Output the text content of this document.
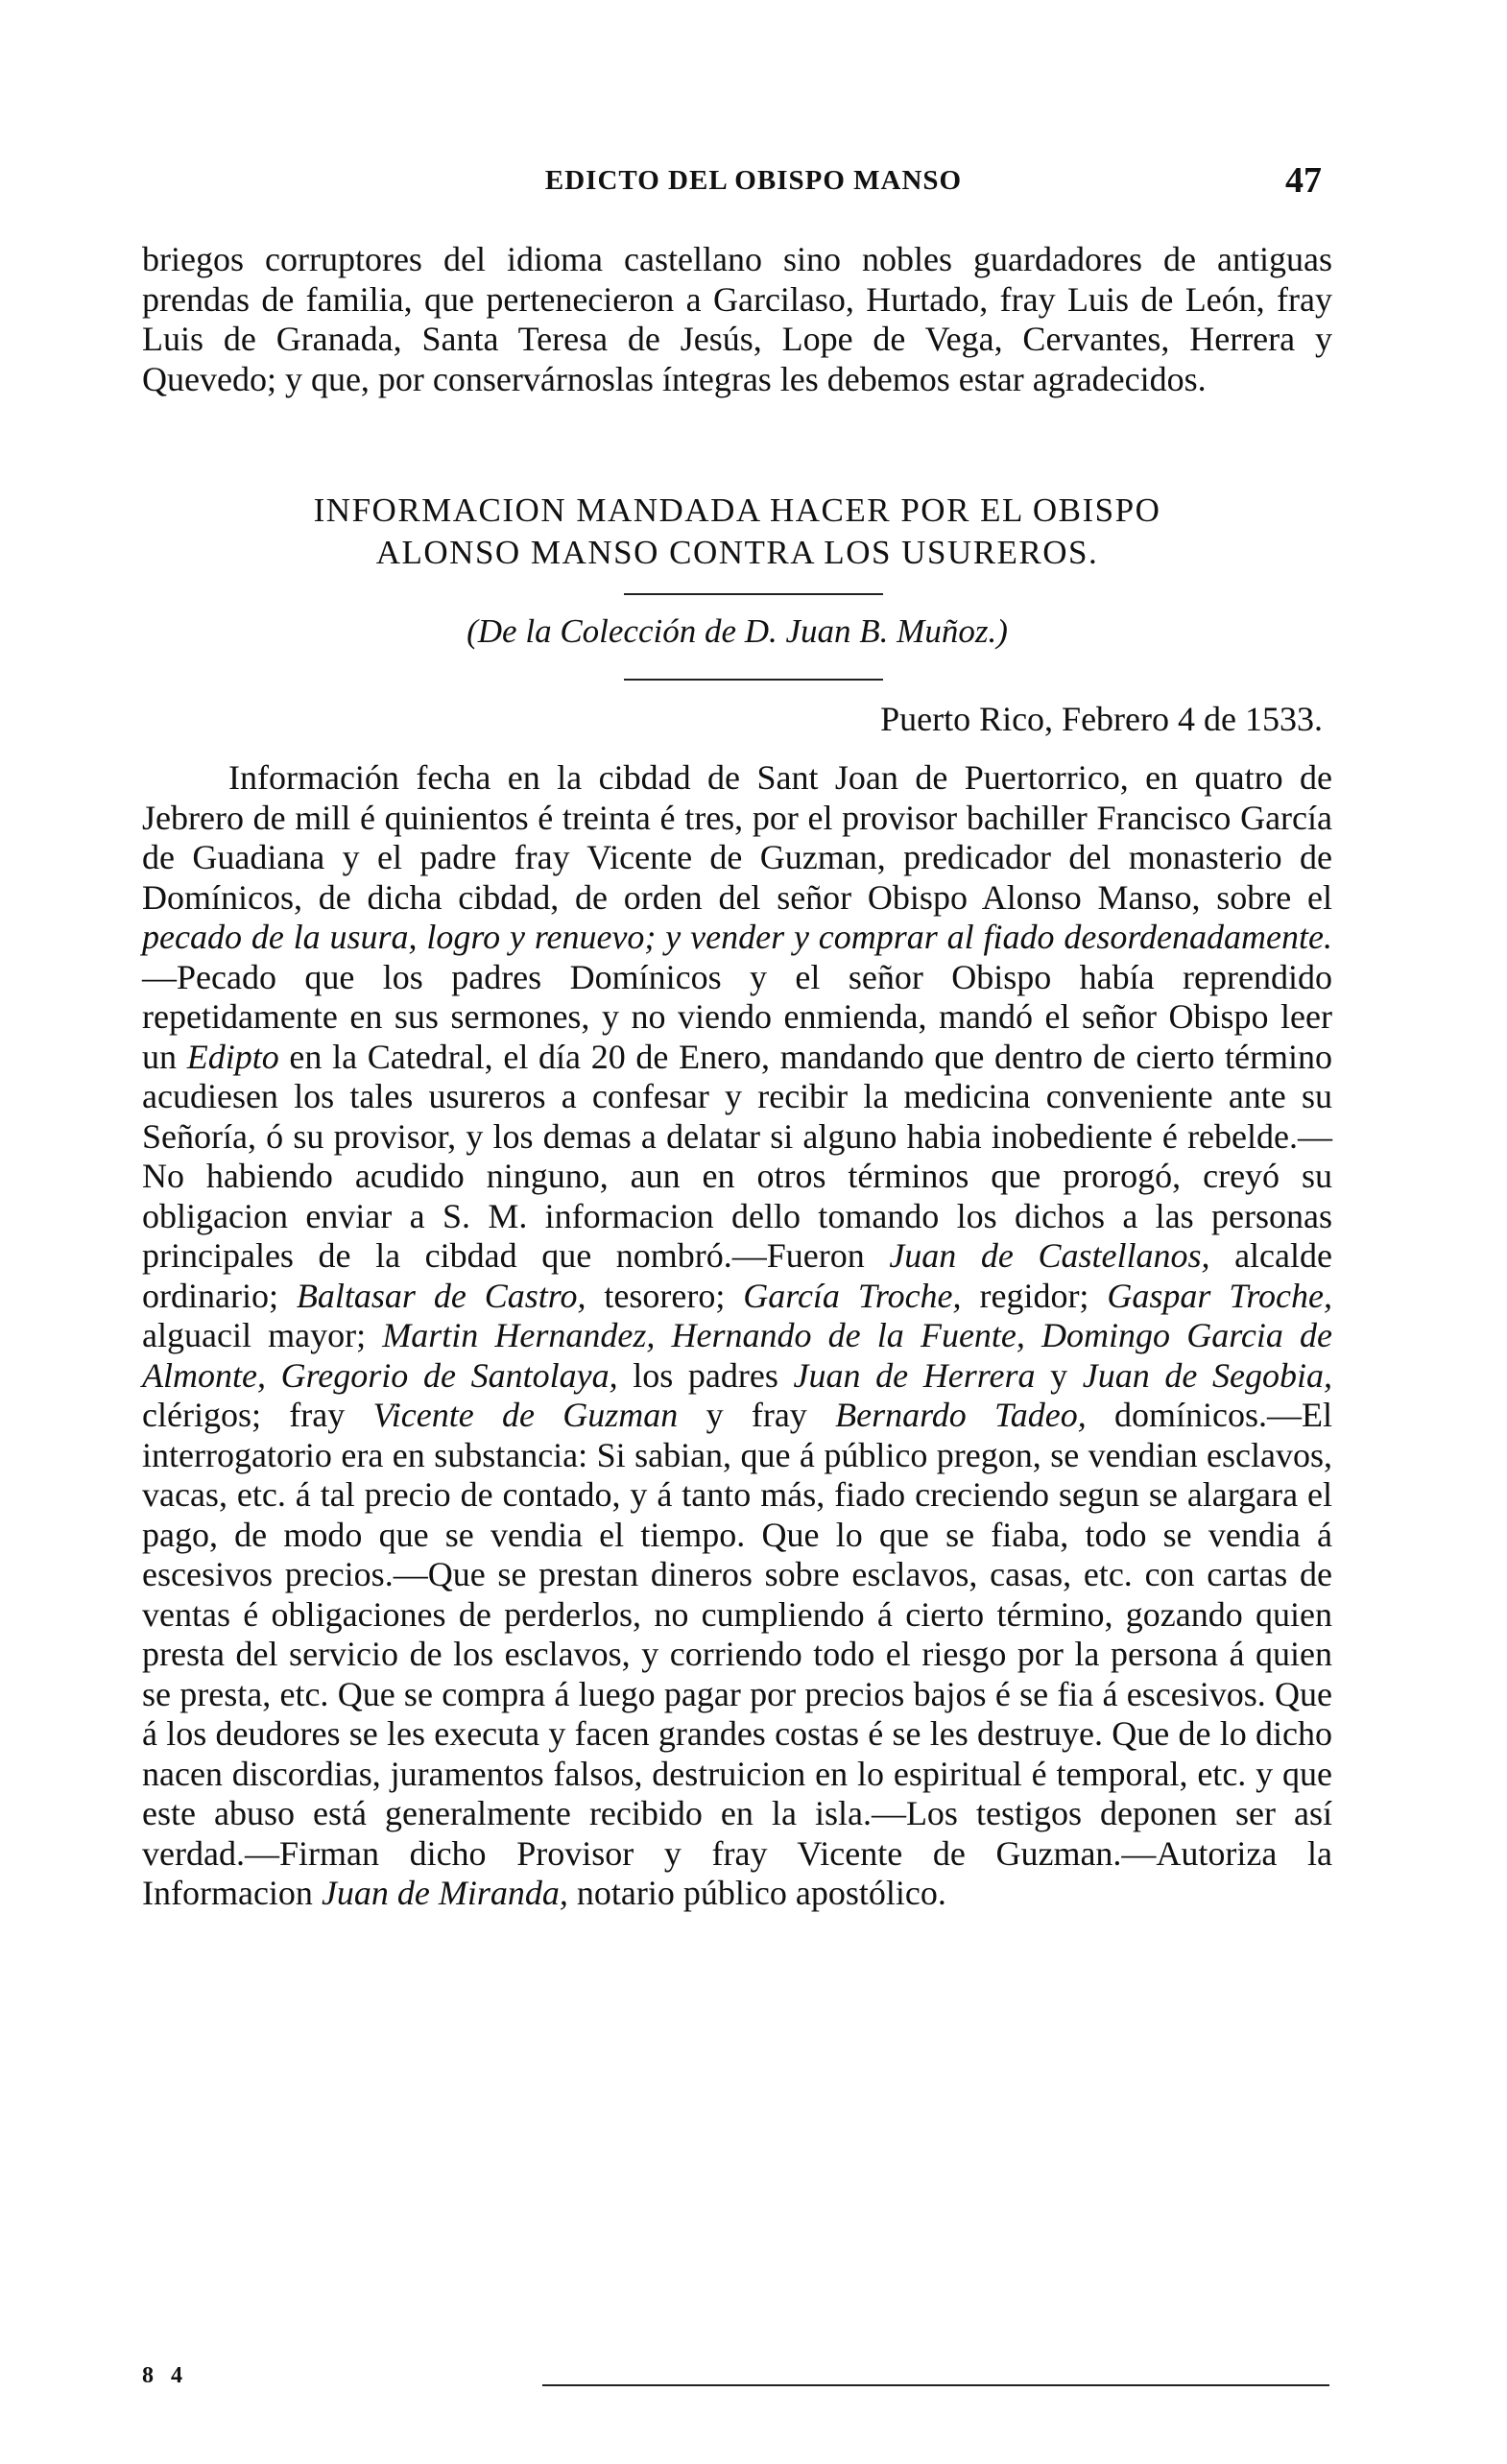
EDICTO DEL OBISPO MANSO	47
briegos corruptores del idioma castellano sino nobles guardadores de antiguas prendas de familia, que pertenecieron a Garcilaso, Hurtado, fray Luis de León, fray Luis de Granada, Santa Teresa de Jesús, Lope de Vega, Cervantes, Herrera y Quevedo; y que, por conservárnoslas íntegras les debemos estar agradecidos.
INFORMACION MANDADA HACER POR EL OBISPO
ALONSO MANSO CONTRA LOS USUREROS.
(De la Colección de D. Juan B. Muñoz.)
Puerto Rico, Febrero 4 de 1533.
Información fecha en la cibdad de Sant Joan de Puertorrico, en quatro de Jebrero de mill é quinientos é treinta é tres, por el provisor bachiller Francisco García de Guadiana y el padre fray Vicente de Guzman, predicador del monasterio de Domínicos, de dicha cibdad, de orden del señor Obispo Alonso Manso, sobre el pecado de la usura, logro y renuevo; y vender y comprar al fiado desordenadamente.—Pecado que los padres Domínicos y el señor Obispo había reprendido repetidamente en sus sermones, y no viendo enmienda, mandó el señor Obispo leer un Edipto en la Catedral, el día 20 de Enero, mandando que dentro de cierto término acudiesen los tales usureros a confesar y recibir la medicina conveniente ante su Señoría, ó su provisor, y los demas a delatar si alguno habia inobediente é rebelde.—No habiendo acudido ninguno, aun en otros términos que prorogó, creyó su obligacion enviar a S. M. informacion dello tomando los dichos a las personas principales de la cibdad que nombró.—Fueron Juan de Castellanos, alcalde ordinario; Baltasar de Castro, tesorero; García Troche, regidor; Gaspar Troche, alguacil mayor; Martin Hernandez, Hernando de la Fuente, Domingo Garcia de Almonte, Gregorio de Santolaya, los padres Juan de Herrera y Juan de Segobia, clérigos; fray Vicente de Guzman y fray Bernardo Tadeo, domínicos.—El interrogatorio era en substancia: Si sabian, que á público pregon, se vendian esclavos, vacas, etc. á tal precio de contado, y á tanto más, fiado creciendo segun se alargara el pago, de modo que se vendia el tiempo. Que lo que se fiaba, todo se vendia á escesivos precios.—Que se prestan dineros sobre esclavos, casas, etc. con cartas de ventas é obligaciones de perderlos, no cumpliendo á cierto término, gozando quien presta del servicio de los esclavos, y corriendo todo el riesgo por la persona á quien se presta, etc. Que se compra á luego pagar por precios bajos é se fia á escesivos. Que á los deudores se les executa y facen grandes costas é se les destruye. Que de lo dicho nacen discordias, juramentos falsos, destruicion en lo espiritual é temporal, etc. y que este abuso está generalmente recibido en la isla.—Los testigos deponen ser así verdad.—Firman dicho Provisor y fray Vicente de Guzman.—Autoriza la Informacion Juan de Miranda, notario público apostólico.
8 4
